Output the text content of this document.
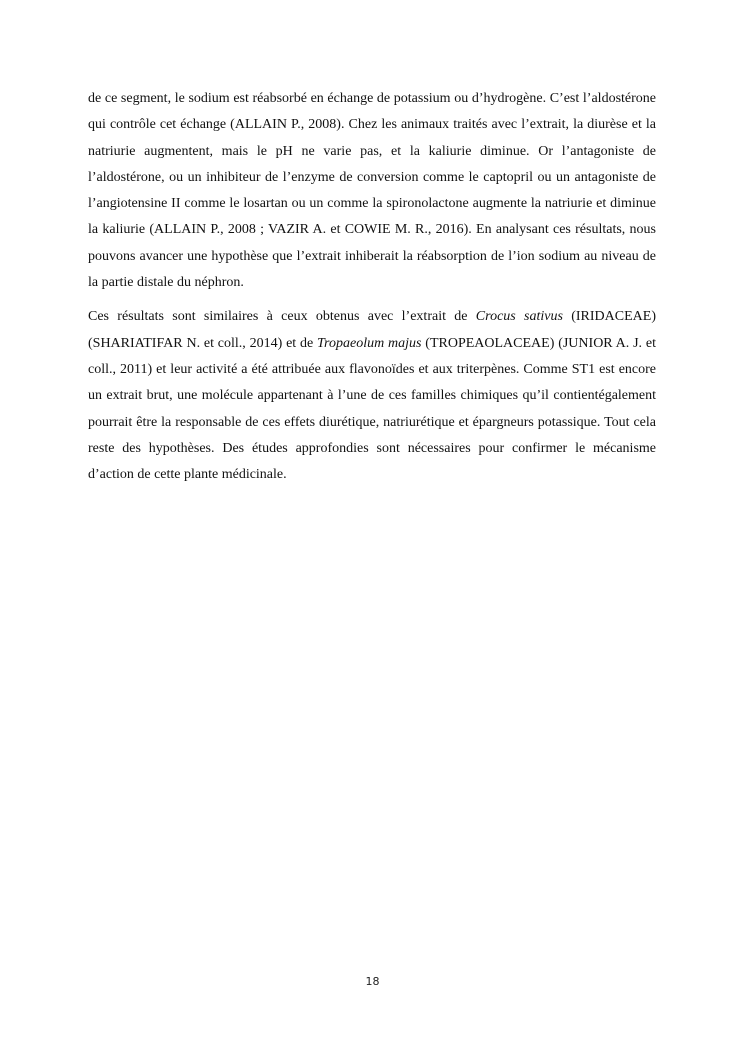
de ce segment, le sodium est réabsorbé en échange de potassium ou d’hydrogène. C’est l’aldostérone qui contrôle cet échange (ALLAIN P., 2008). Chez les animaux traités avec l’extrait, la diurèse et la natriurie augmentent, mais le pH ne varie pas, et la kaliurie diminue. Or l’antagoniste de l’aldostérone, ou un inhibiteur de l’enzyme de conversion comme le captopril ou un antagoniste de l’angiotensine II comme le losartan ou un comme la spironolactone augmente la natriurie et diminue la kaliurie (ALLAIN P., 2008 ; VAZIR A. et COWIE M. R., 2016). En analysant ces résultats, nous pouvons avancer une hypothèse que l’extrait inhiberait la réabsorption de l’ion sodium au niveau de la partie distale du néphron.

Ces résultats sont similaires à ceux obtenus avec l’extrait de Crocus sativus (IRIDACEAE) (SHARIATIFAR N. et coll., 2014) et de Tropaeolum majus (TROPEAOLACEAE) (JUNIOR A. J. et coll., 2011) et leur activité a été attribuée aux flavonoïdes et aux triterpènes. Comme ST1 est encore un extrait brut, une molécule appartenant à l’une de ces familles chimiques qu’il contientégalement pourrait être la responsable de ces effets diurétique, natriurétique et épargneurs potassique. Tout cela reste des hypothèses. Des études approfondies sont nécessaires pour confirmer le mécanisme d’action de cette plante médicinale.

18
